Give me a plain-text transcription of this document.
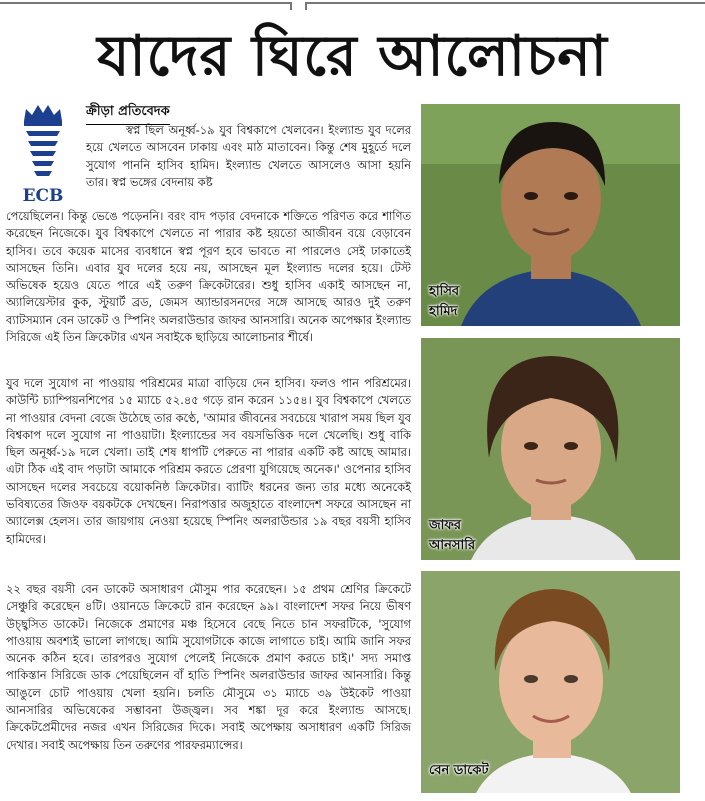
যাদের ঘিরে আলোচনা
ECB
ক্রীড়া প্রতিবেদক

স্বপ্ন ছিল অনূর্ধ্ব-১৯ যুব বিশ্বকাপে খেলবেন। ইংল্যান্ড যুব দলের হয়ে খেলতে আসবেন ঢাকায় এবং মাঠ মাতাবেন। কিন্তু শেষ মুহূর্তে দলে সুযোগ পাননি হাসিব হামিদ। ইংল্যান্ড খেলতে আসলেও আসা হয়নি তার। স্বপ্ন ভঙ্গের বেদনায় কষ্ট

পেয়েছিলেন। কিন্তু ভেঙে পড়েননি। বরং বাদ পড়ার বেদনাকে শক্তিতে পরিণত করে শাণিত করেছেন নিজেকে। যুব বিশ্বকাপে খেলতে না পারার কষ্ট হয়তো আজীবন বয়ে বেড়াবেন হাসিব। তবে কয়েক মাসের ব্যবধানে স্বপ্ন পূরণ হবে ভাবতে না পারলেও সেই ঢাকাতেই আসছেন তিনি। এবার যুব দলের হয়ে নয়, আসছেন মূল ইংল্যান্ড দলের হয়ে। টেস্ট অভিষেক হয়েও যেতে পারে এই তরুণ ক্রিকেটারের। শুধু হাসিব একাই আসছেন না, অ্যালিয়েস্টার কুক, স্টুয়ার্ট ব্রড, জেমস অ্যান্ডারসনদের সঙ্গে আসছে আরও দুই তরুণ ব্যাটসম্যান বেন ডাকেট ও স্পিনিং অলরাউন্ডার জাফর আনসারি। অনেক অপেক্ষার ইংল্যান্ড সিরিজে এই তিন ক্রিকেটার এখন সবাইকে ছাড়িয়ে আলোচনার শীর্ষে।

যুব দলে সুযোগ না পাওয়ায় পরিশ্রমের মাত্রা বাড়িয়ে দেন হাসিব। ফলও পান পরিশ্রমের। কাউন্টি চ্যাম্পিয়নশিপের ১৫ ম্যাচে ৫২.৪৫ গড়ে রান করেন ১১৫৪। যুব বিশ্বকাপে খেলতে না পাওয়ার বেদনা বেজে উঠেছে তার কণ্ঠে, 'আমার জীবনের সবচেয়ে খারাপ সময় ছিল যুব বিশ্বকাপ দলে সুযোগ না পাওয়াটা। ইংল্যান্ডের সব বয়সভিত্তিক দলে খেলেছি। শুধু বাকি ছিল অনূর্ধ্ব-১৯ দলে খেলা। তাই শেষ ধাপটি পেরুতে না পারার একটি কষ্ট আছে আমার। এটা ঠিক এই বাদ পড়াটা আমাকে পরিশ্রম করতে প্রেরণা যুগিয়েছে অনেক।' ওপেনার হাসিব আসছেন দলের সবচেয়ে বয়োকনিষ্ঠ ক্রিকেটার। ব্যাটিং ধরনের জন্য তার মধ্যে অনেকেই ভবিষ্যতের জিওফ বয়কটকে দেখছেন। নিরাপত্তার অজুহাতে বাংলাদেশ সফরে আসছেন না অ্যালেক্স হেলস। তার জায়গায় নেওয়া হয়েছে স্পিনিং অলরাউন্ডার ১৯ বছর বয়সী হাসিব হামিদের।

২২ বছর বয়সী বেন ডাকেট অসাধারণ মৌসুম পার করেছেন। ১৫ প্রথম শ্রেণির ক্রিকেটে সেঞ্চুরি করেছেন ৪টি। ওয়ানডে ক্রিকেটে রান করেছেন ৯৯। বাংলাদেশ সফর নিয়ে ভীষণ উচ্ছ্বসিত ডাকেট। নিজেকে প্রমাণের মঞ্চ হিসেবে বেছে নিতে চান সফরটিকে, 'সুযোগ পাওয়ায় অবশ্যই ভালো লাগছে। আমি সুযোগটাকে কাজে লাগাতে চাই। আমি জানি সফর অনেক কঠিন হবে। তারপরও সুযোগ পেলেই নিজেকে প্রমাণ করতে চাই।' সদ্য সমাপ্ত পাকিস্তান সিরিজে ডাক পেয়েছিলেন বাঁ হাতি স্পিনিং অলরাউন্ডার জাফর আনসারি। কিন্তু আঙুলে চোট পাওয়ায় খেলা হয়নি। চলতি মৌসুমে ৩১ ম্যাচে ৩৯ উইকেট পাওয়া আনসারির অভিষেকের সম্ভাবনা উজ্জ্বল। সব শঙ্কা দূর করে ইংল্যান্ড আসছে। ক্রিকেটপ্রেমীদের নজর এখন সিরিজের দিকে। সবাই অপেক্ষায় অসাধারণ একটি সিরিজ দেখার। সবাই অপেক্ষায় তিন তরুণের পারফরম্যান্সের।

হাসিব
হামিদ
জাফর
আনসারি
বেন ডাকেট
